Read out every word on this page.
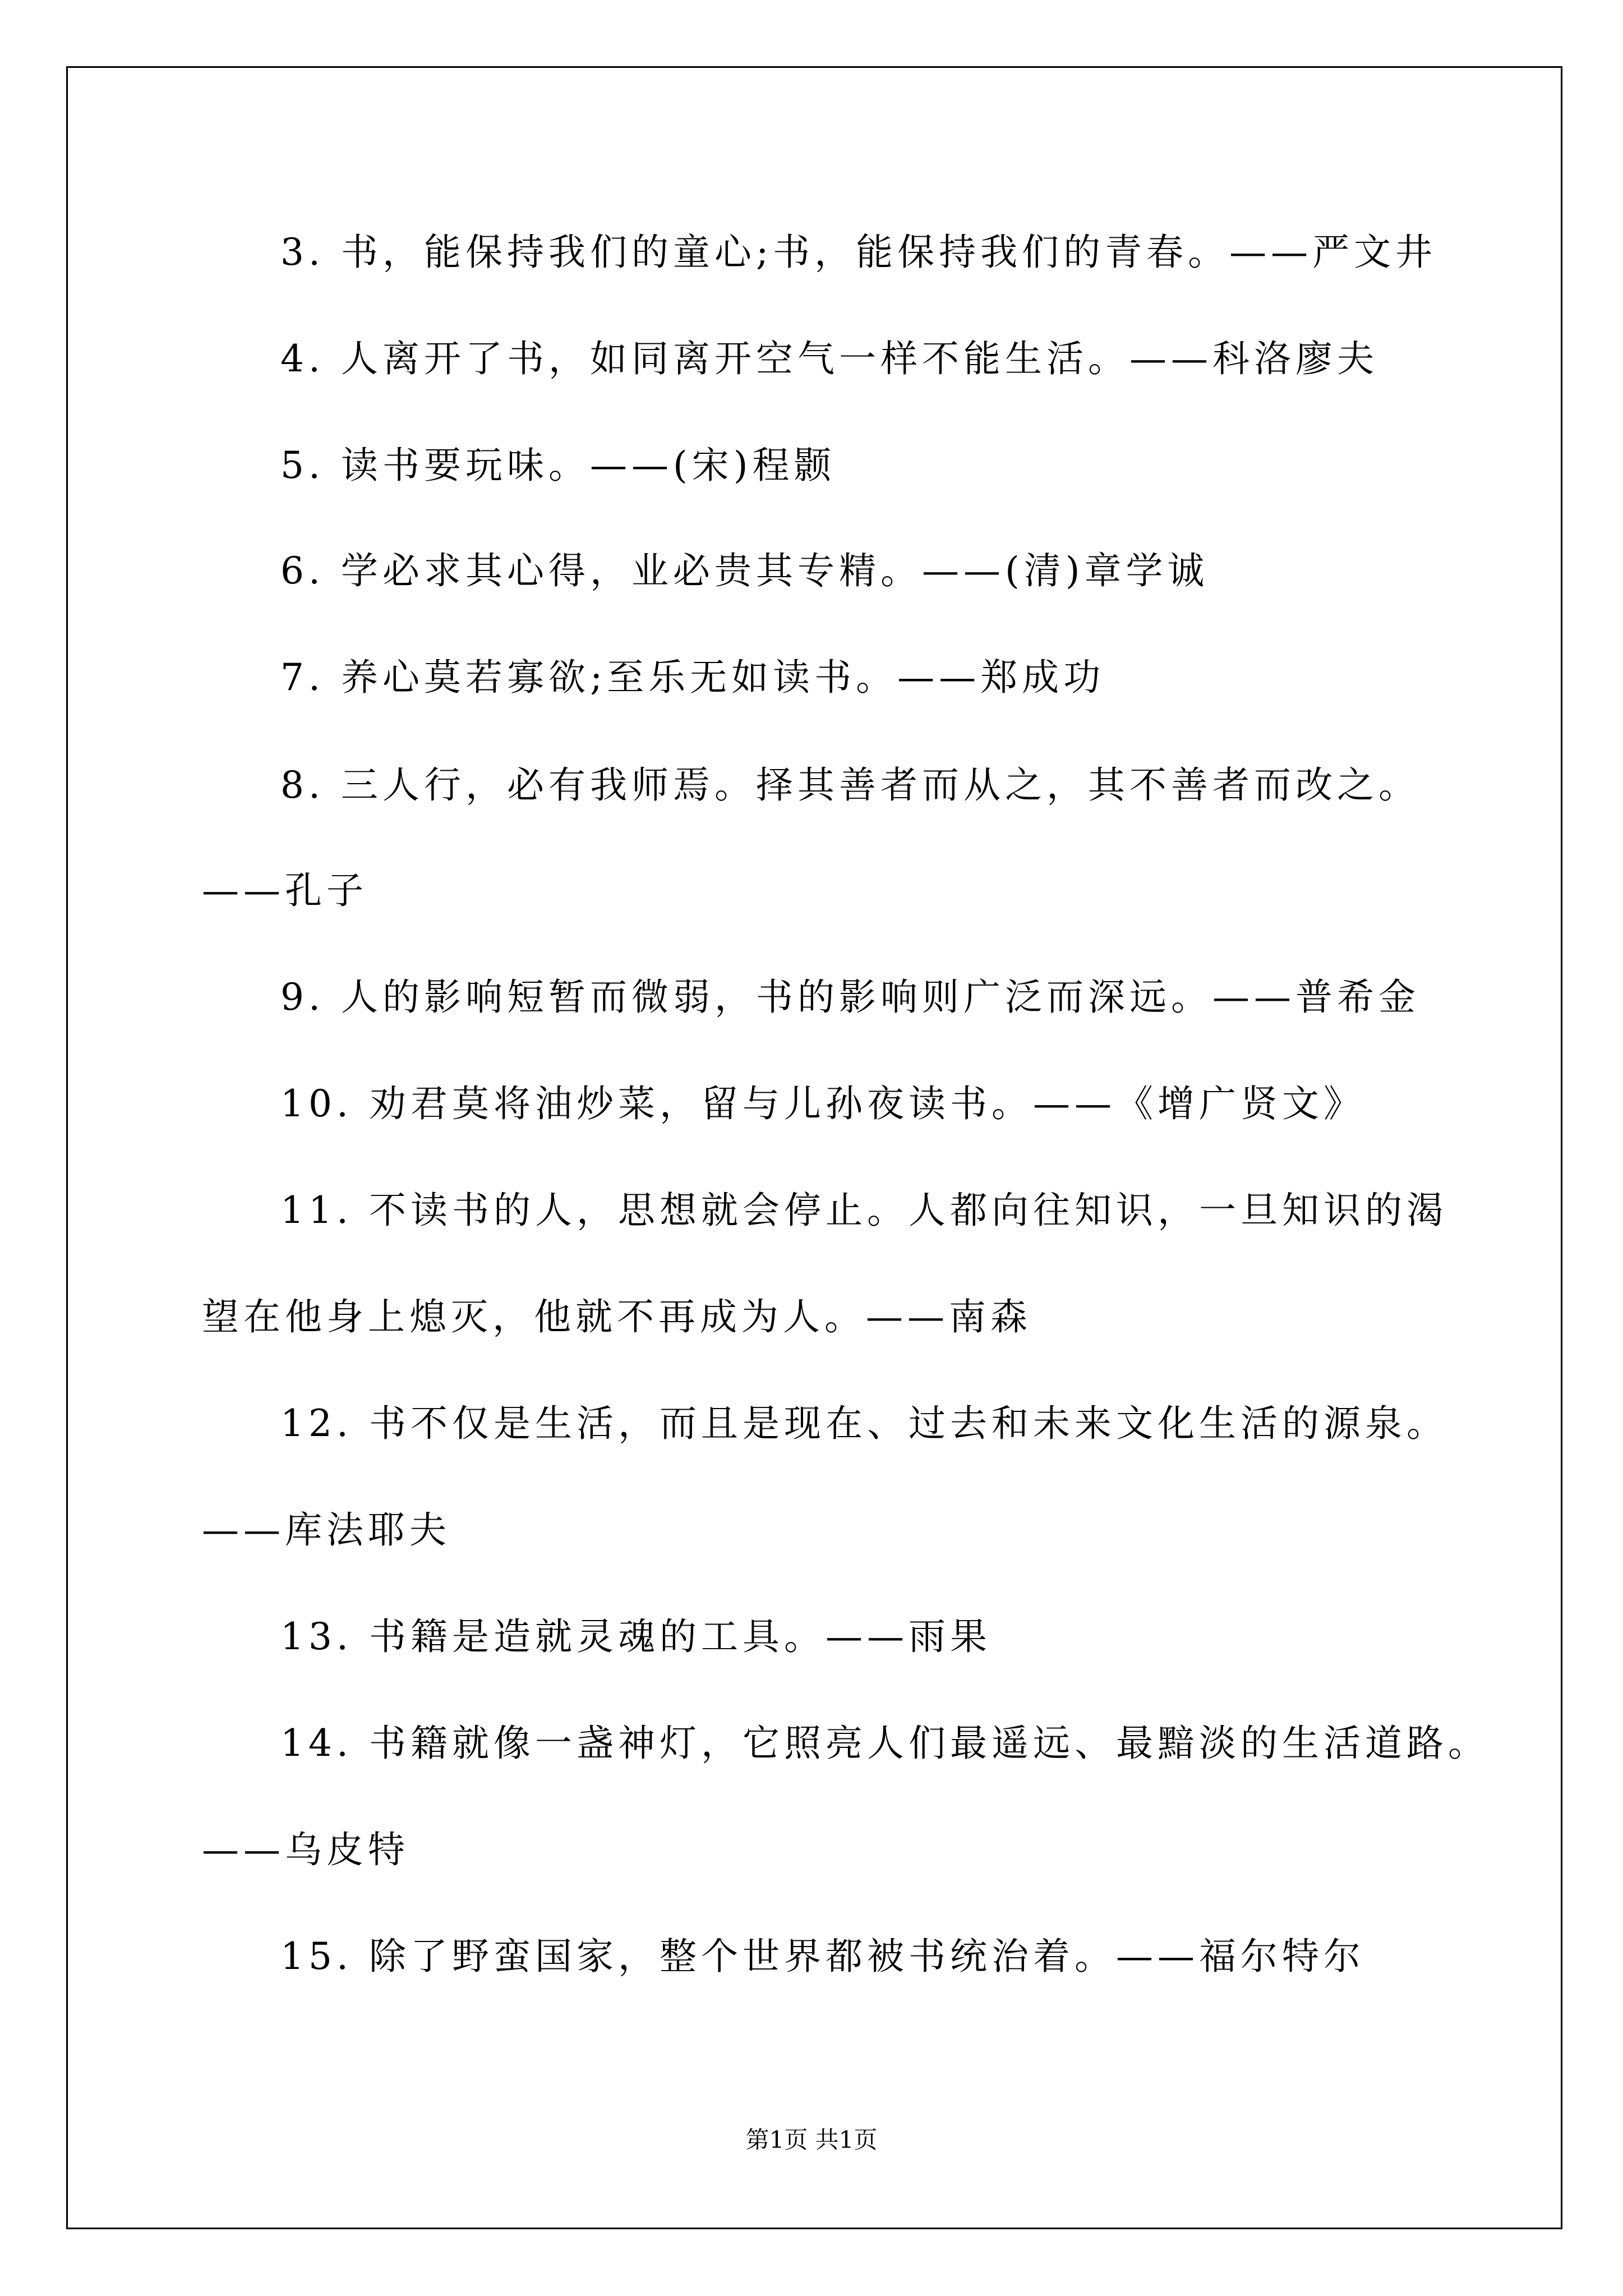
3. 书，能保持我们的童心;书，能保持我们的青春。——严文井
4. 人离开了书，如同离开空气一样不能生活。——科洛廖夫
5. 读书要玩味。——(宋)程颢
6. 学必求其心得，业必贵其专精。——(清)章学诚
7. 养心莫若寡欲;至乐无如读书。——郑成功
8. 三人行，必有我师焉。择其善者而从之，其不善者而改之。
——孔子
9. 人的影响短暂而微弱，书的影响则广泛而深远。——普希金
10. 劝君莫将油炒菜，留与儿孙夜读书。——《增广贤文》
11. 不读书的人，思想就会停止。人都向往知识，一旦知识的渴
望在他身上熄灭，他就不再成为人。——南森
12. 书不仅是生活，而且是现在、过去和未来文化生活的源泉。
——库法耶夫
13. 书籍是造就灵魂的工具。——雨果
14. 书籍就像一盏神灯，它照亮人们最遥远、最黯淡的生活道路。
——乌皮特
15. 除了野蛮国家，整个世界都被书统治着。——福尔特尔
第1页 共1页
